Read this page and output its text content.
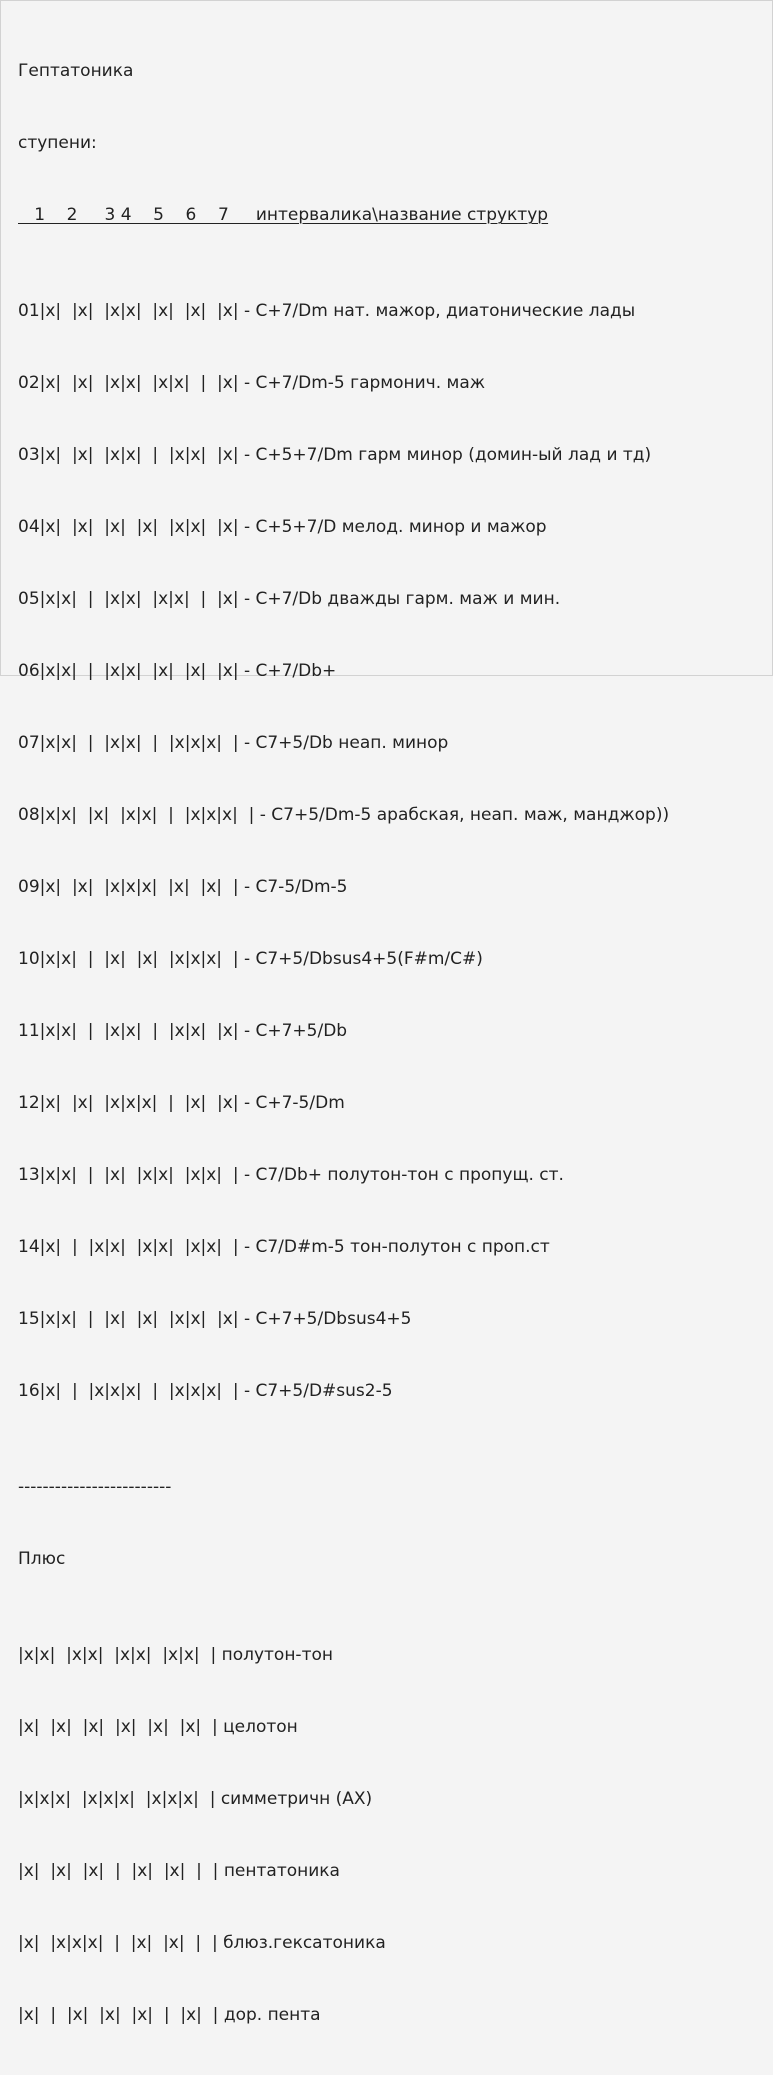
Гептатоника

ступени:

1    2     3 4    5    6    7     интервалика\название структур

01|x|  |x|  |x|x|  |x|  |x|  |x| - C+7/Dm нат. мажор, диатонические лады

02|x|  |x|  |x|x|  |x|x|  |  |x| - C+7/Dm-5 гармонич. маж

03|x|  |x|  |x|x|  |  |x|x|  |x| - C+5+7/Dm гарм минор (домин-ый лад и тд)

04|x|  |x|  |x|  |x|  |x|x|  |x| - C+5+7/D мелод. минор и мажор

05|x|x|  |  |x|x|  |x|x|  |  |x| - C+7/Db дважды гарм. маж и мин.

06|x|x|  |  |x|x|  |x|  |x|  |x| - C+7/Db+

07|x|x|  |  |x|x|  |  |x|x|x|  | - C7+5/Db неап. минор

08|x|x|  |x|  |x|x|  |  |x|x|x|  | - C7+5/Dm-5 арабская, неап. маж, манджор))

09|x|  |x|  |x|x|x|  |x|  |x|  | - C7-5/Dm-5

10|x|x|  |  |x|  |x|  |x|x|x|  | - C7+5/Dbsus4+5(F#m/C#)

11|x|x|  |  |x|x|  |  |x|x|  |x| - C+7+5/Db

12|x|  |x|  |x|x|x|  |  |x|  |x| - C+7-5/Dm

13|x|x|  |  |x|  |x|x|  |x|x|  | - C7/Db+ полутон-тон с пропущ. ст.

14|x|  |  |x|x|  |x|x|  |x|x|  | - C7/D#m-5 тон-полутон с проп.ст

15|x|x|  |  |x|  |x|  |x|x|  |x| - C+7+5/Dbsus4+5

16|x|  |  |x|x|x|  |  |x|x|x|  | - C7+5/D#sus2-5

-------------------------

Плюс

|x|x|  |x|x|  |x|x|  |x|x|  | полутон-тон

|x|  |x|  |x|  |x|  |x|  |x|  | целотон

|x|x|x|  |x|x|x|  |x|x|x|  | симметричн (AX)

|x|  |x|  |x|  |  |x|  |x|  |  | пентатоника

|x|  |x|x|x|  |  |x|  |x|  |  | блюз.гексатоника

|x|  |  |x|  |x|  |x|  |  |x|  | дор. пента
